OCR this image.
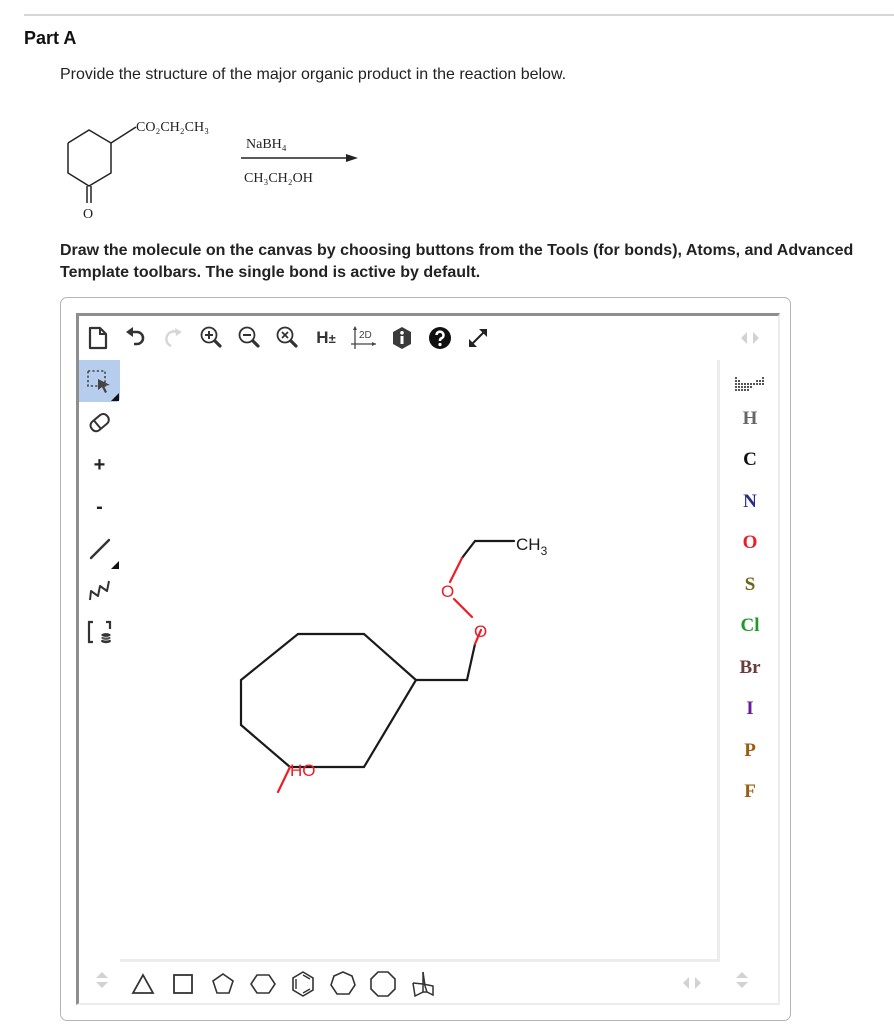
Part A
Provide the structure of the major organic product in the reaction below.
CO₂CH₂CH₃
O
NaBH₄
CH₃CH₂OH
Draw the molecule on the canvas by choosing buttons from the Tools (for bonds), Atoms, and Advanced Template toolbars. The single bond is active by default.
H ± 2D
+
-
$CH_3$
O
O
HO
H
C
N
O
S
Cl
Br
I
P
F
